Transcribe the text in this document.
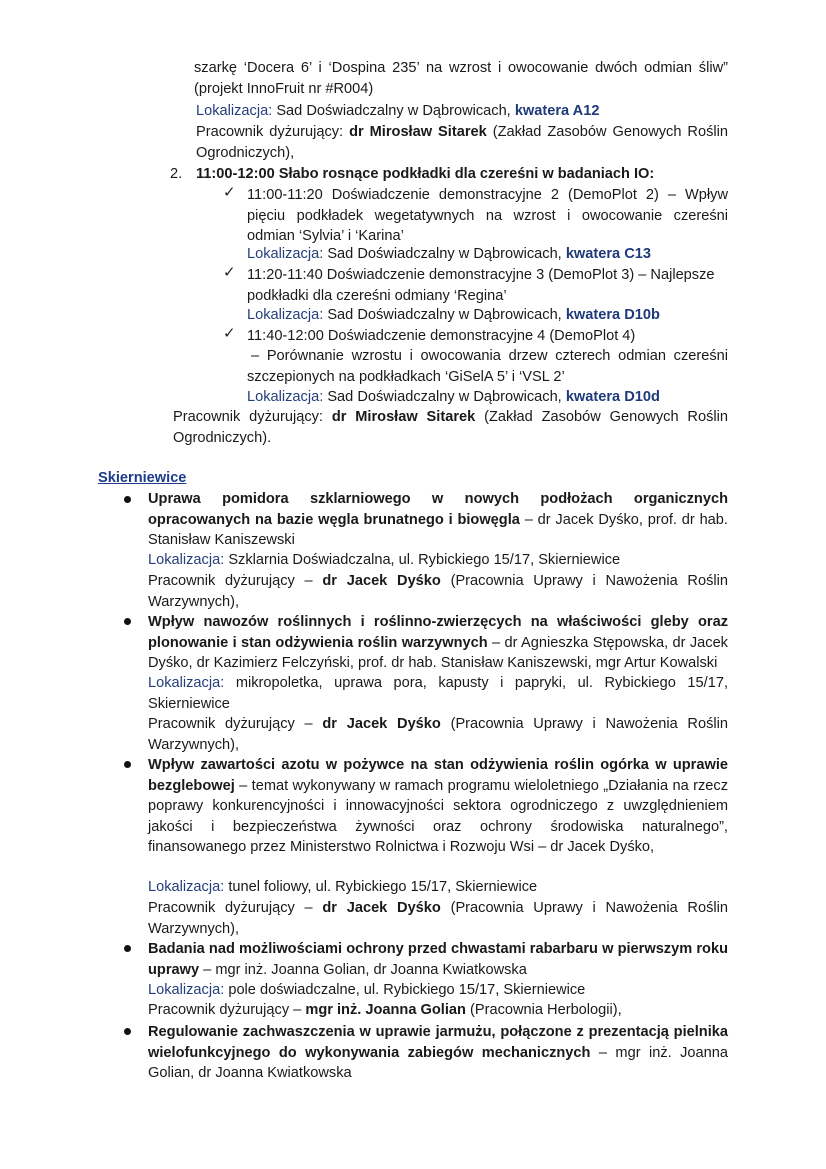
szarkę ‘Docera 6’ i ‘Dospina 235’ na wzrost i owocowanie dwóch odmian śliw” (projekt InnoFruit nr #R004)
Lokalizacja: Sad Doświadczalny w Dąbrowicach, kwatera A12
Pracownik dyżurujący: dr Mirosław Sitarek (Zakład Zasobów Genowych Roślin Ogrodniczych),
2. 11:00-12:00 Słabo rosnące podkładki dla czereśni w badaniach IO:
✓ 11:00-11:20 Doświadczenie demonstracyjne 2 (DemoPlot 2) – Wpływ pięciu podkładek wegetatywnych na wzrost i owocowanie czereśni odmian ‘Sylvia’ i ‘Karina’
Lokalizacja: Sad Doświadczalny w Dąbrowicach, kwatera C13
✓ 11:20-11:40 Doświadczenie demonstracyjne 3 (DemoPlot 3) – Najlepsze podkładki dla czereśni odmiany ‘Regina’
Lokalizacja: Sad Doświadczalny w Dąbrowicach, kwatera D10b
✓ 11:40-12:00 Doświadczenie demonstracyjne 4 (DemoPlot 4)
– Porównanie wzrostu i owocowania drzew czterech odmian czereśni szczepionych na podkładkach ‘GiSelA 5’ i ‘VSL 2’
Lokalizacja: Sad Doświadczalny w Dąbrowicach, kwatera D10d
Pracownik dyżurujący: dr Mirosław Sitarek (Zakład Zasobów Genowych Roślin Ogrodniczych).
Skierniewice
Uprawa pomidora szklarniowego w nowych podłożach organicznych opracowanych na bazie węgla brunatnego i biowęgla – dr Jacek Dyśko, prof. dr hab. Stanisław Kaniszewski
Lokalizacja: Szklarnia Doświadczalna, ul. Rybickiego 15/17, Skierniewice
Pracownik dyżurujący – dr Jacek Dyśko (Pracownia Uprawy i Nawożenia Roślin Warzywnych),
Wpływ nawozów roślinnych i roślinno-zwierzęcych na właściwości gleby oraz plonowanie i stan odżywienia roślin warzywnych – dr Agnieszka Stępowska, dr Jacek Dyśko, dr Kazimierz Felczyński, prof. dr hab. Stanisław Kaniszewski, mgr Artur Kowalski
Lokalizacja: mikropoletka, uprawa pora, kapusty i papryki, ul. Rybickiego 15/17, Skierniewice
Pracownik dyżurujący – dr Jacek Dyśko (Pracownia Uprawy i Nawożenia Roślin Warzywnych),
Wpływ zawartości azotu w pożywce na stan odżywienia roślin ogórka w uprawie bezglebowej – temat wykonywany w ramach programu wieloletniego „Działania na rzecz poprawy konkurencyjności i innowacyjności sektora ogrodniczego z uwzględnieniem jakości i bezpieczeństwa żywności oraz ochrony środowiska naturalnego”, finansowanego przez Ministerstwo Rolnictwa i Rozwoju Wsi – dr Jacek Dyśko,
Lokalizacja: tunel foliowy, ul. Rybickiego 15/17, Skierniewice
Pracownik dyżurujący – dr Jacek Dyśko (Pracownia Uprawy i Nawożenia Roślin Warzywnych),
Badania nad możliwościami ochrony przed chwastami rabarbaru w pierwszym roku uprawy – mgr inż. Joanna Golian, dr Joanna Kwiatkowska
Lokalizacja: pole doświadczalne, ul. Rybickiego 15/17, Skierniewice
Pracownik dyżurujący – mgr inż. Joanna Golian (Pracownia Herbologii),
Regulowanie zachwaszczenia w uprawie jarmużu, połączone z prezentacją pielnika wielofunkcyjnego do wykonywania zabiegów mechanicznych – mgr inż. Joanna Golian, dr Joanna Kwiatkowska
